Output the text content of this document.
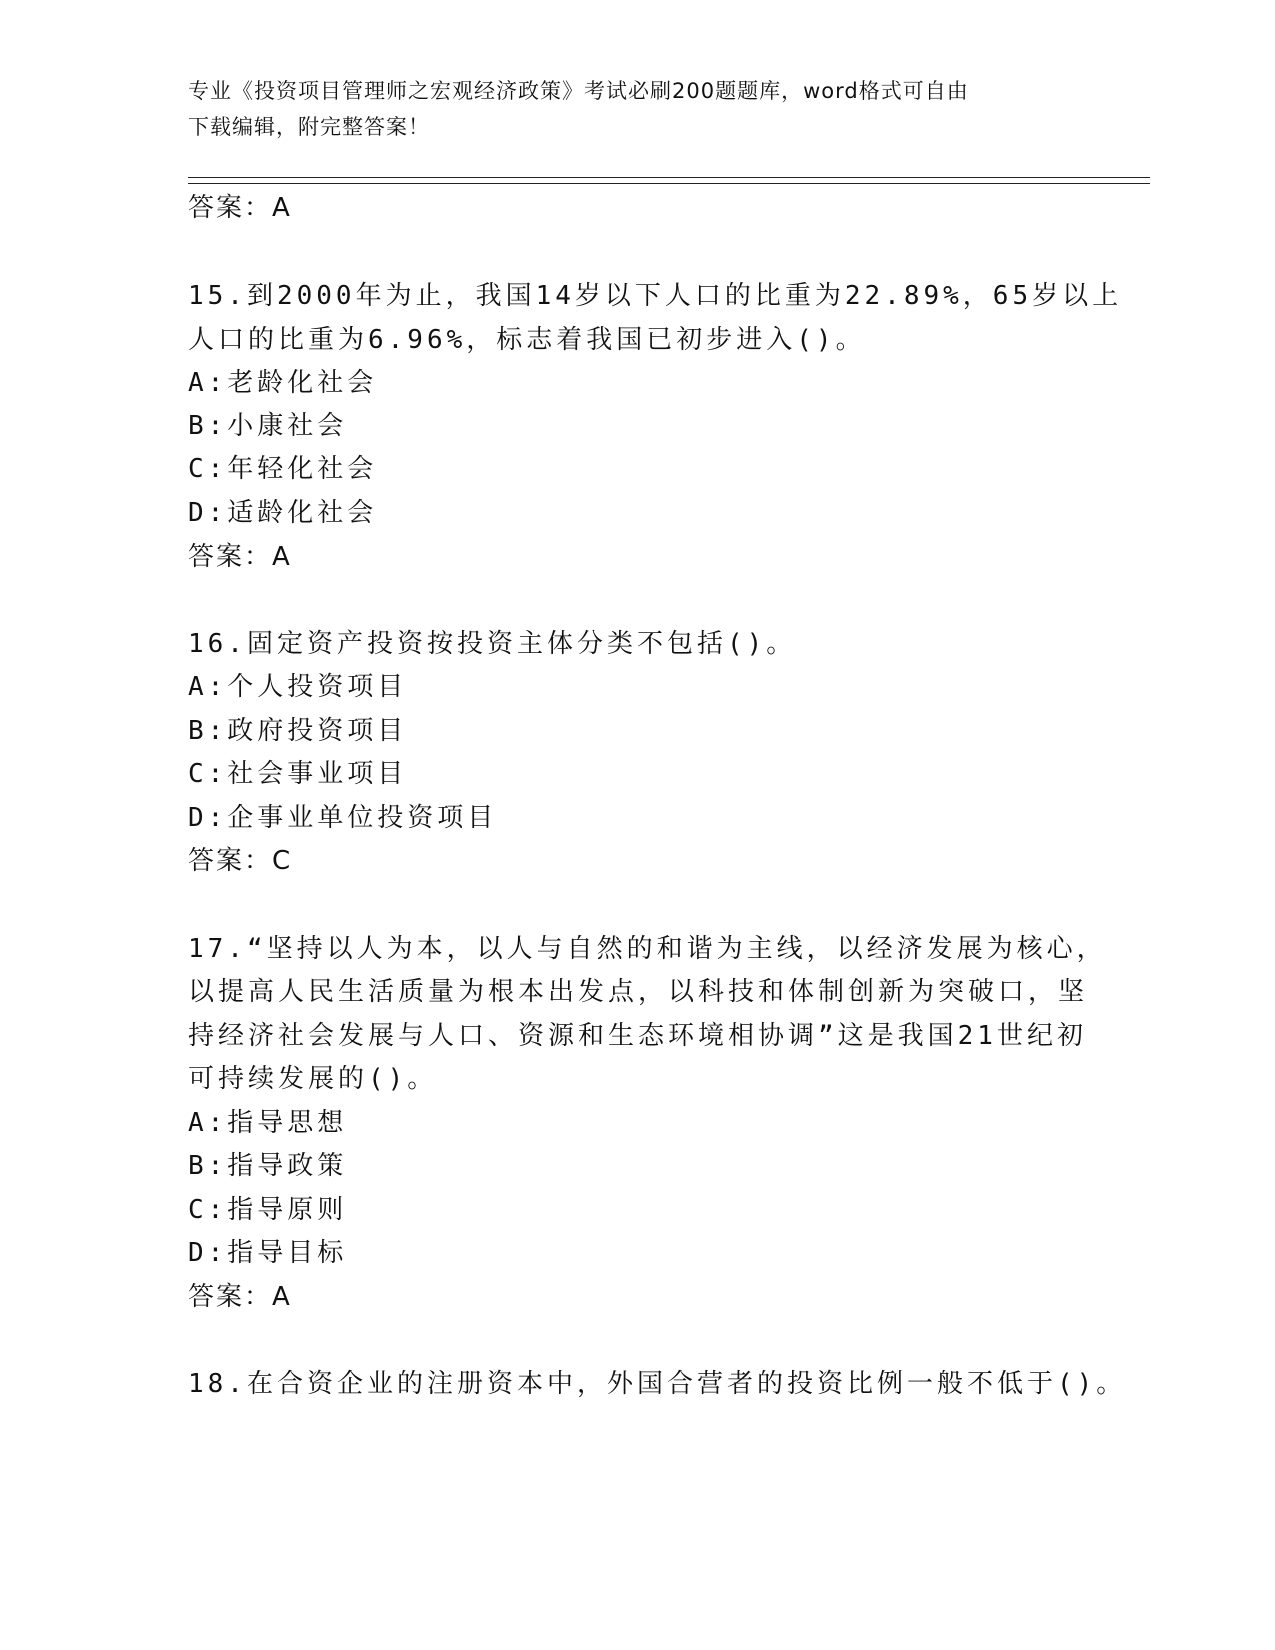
专业《投资项目管理师之宏观经济政策》考试必刷200题题库，word格式可自由
下载编辑，附完整答案！
答案：A
15.到2000年为止，我国14岁以下人口的比重为22.89%，65岁以上
人口的比重为6.96%，标志着我国已初步进入()。
A:老龄化社会
B:小康社会
C:年轻化社会
D:适龄化社会
答案：A
16.固定资产投资按投资主体分类不包括()。
A:个人投资项目
B:政府投资项目
C:社会事业项目
D:企事业单位投资项目
答案：C
17.“坚持以人为本，以人与自然的和谐为主线，以经济发展为核心，
以提高人民生活质量为根本出发点，以科技和体制创新为突破口，坚
持经济社会发展与人口、资源和生态环境相协调”这是我国21世纪初
可持续发展的()。
A:指导思想
B:指导政策
C:指导原则
D:指导目标
答案：A
18.在合资企业的注册资本中，外国合营者的投资比例一般不低于()。
